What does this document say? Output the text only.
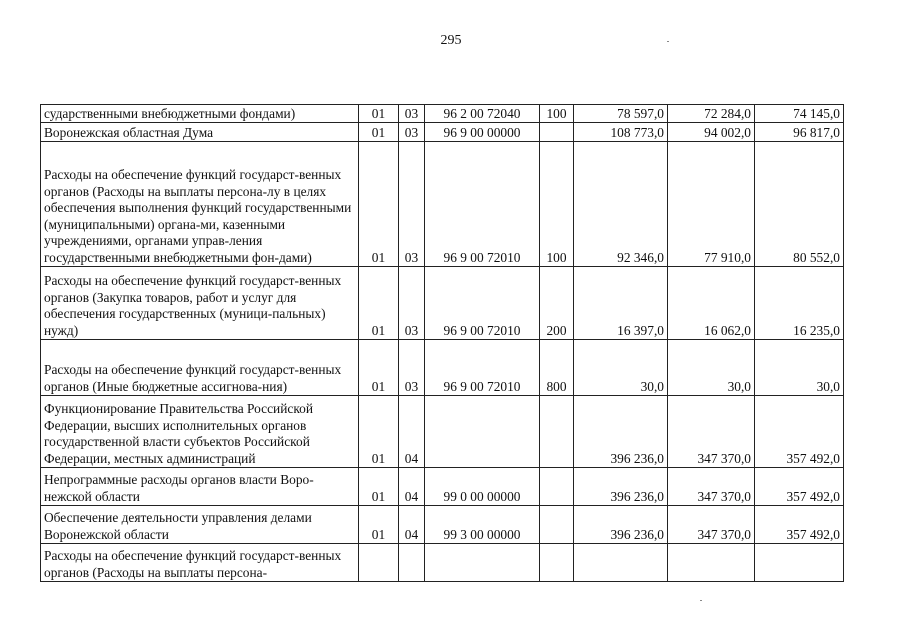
295
сударственными внебюджетными фондами)	01	03	96 2 00 72040	100	78 597,0	72 284,0	74 145,0
Воронежская областная Дума	01	03	96 9 00 00000		108 773,0	94 002,0	96 817,0
Расходы на обеспечение функций государст-венных органов (Расходы на выплаты персона-лу в целях обеспечения выполнения функций государственными (муниципальными) органа-ми, казенными учреждениями, органами управ-ления государственными внебюджетными фон-дами)	01	03	96 9 00 72010	100	92 346,0	77 910,0	80 552,0
Расходы на обеспечение функций государст-венных органов (Закупка товаров, работ и услуг для обеспечения государственных (муници-пальных) нужд)	01	03	96 9 00 72010	200	16 397,0	16 062,0	16 235,0
Расходы на обеспечение функций государст-венных органов (Иные бюджетные ассигнова-ния)	01	03	96 9 00 72010	800	30,0	30,0	30,0
Функционирование Правительства Российской Федерации, высших исполнительных органов государственной власти субъектов Российской Федерации, местных администраций	01	04			396 236,0	347 370,0	357 492,0
Непрограммные расходы органов власти Воро-нежской области	01	04	99 0 00 00000		396 236,0	347 370,0	357 492,0
Обеспечение деятельности управления делами Воронежской области	01	04	99 3 00 00000		396 236,0	347 370,0	357 492,0
Расходы на обеспечение функций государст-венных органов (Расходы на выплаты персона-							
